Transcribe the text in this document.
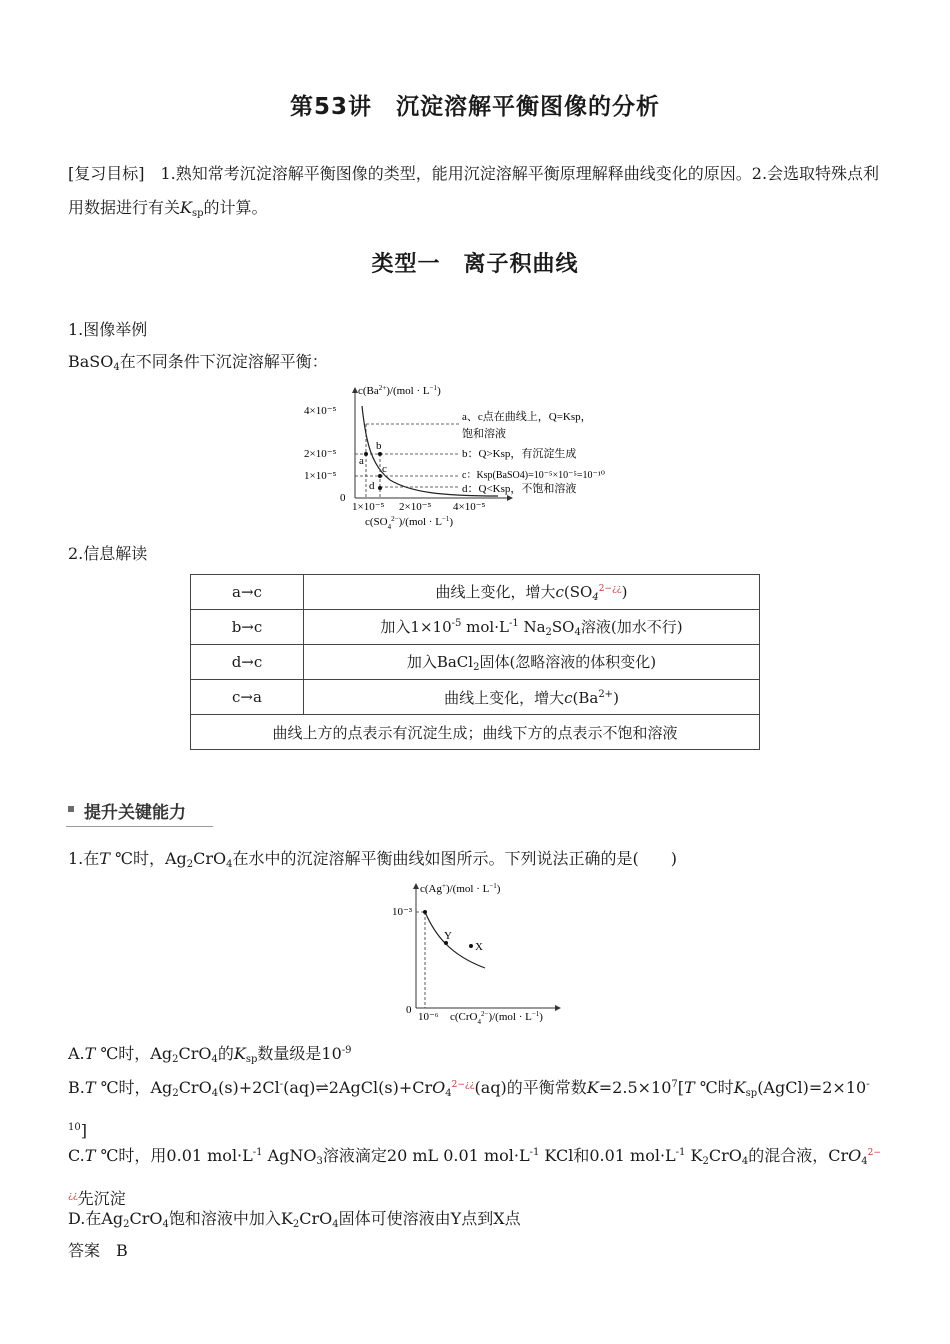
第53讲　沉淀溶解平衡图像的分析
[复习目标]　1.熟知常考沉淀溶解平衡图像的类型，能用沉淀溶解平衡原理解释曲线变化的原因。2.会选取特殊点利用数据进行有关$K_{sp}$的计算。
类型一　离子积曲线
1.图像举例
BaSO$_4$在不同条件下沉淀溶解平衡：
$c(Ba^{2+})/(mol \cdot L^{-1})$
$c(SO_4^{2-})/(mol \cdot L^{-1})$
4×10⁻⁵
2×10⁻⁵
1×10⁻⁵
0
1×10⁻⁵ 2×10⁻⁵ 4×10⁻⁵
a
b
c
d
a、c点在曲线上，Q=Ksp，
饱和溶液
b：Q>Ksp，有沉淀生成
c：Ksp(BaSO4)=10⁻⁵×10⁻⁵=10⁻¹⁰
d：Q<Ksp，不饱和溶液
2.信息解读
a→c	曲线上变化，增大$c(SO_4^{2-¿¿})$
b→c	加入$1\times 10^{-5}$ $mol\cdot L^{-1}$ $Na_2SO_4$溶液(加水不行)
d→c	加入BaCl$_2$固体(忽略溶液的体积变化)
c→a	曲线上变化，增大$c(Ba^{2+})$
曲线上方的点表示有沉淀生成；曲线下方的点表示不饱和溶液	
提升关键能力
1.在T ℃时，$Ag_2CrO_4$在水中的沉淀溶解平衡曲线如图所示。下列说法正确的是(　　)
$c(Ag^+)/(mol \cdot L^{-1})$
10⁻³
0
10⁻⁶ $c(CrO_4^{2-})/(mol \cdot L^{-1})$
Y
X
A.T ℃时，$Ag_2CrO_4$的$K_{sp}$数量级是$10^{-9}$
B.T ℃时，$Ag_2CrO_4(s)+2Cl^-(aq)\rightleftharpoons 2AgCl(s)+CrO_4^{2-¿¿}(aq)$的平衡常数$K=2.5\times 10^7[T$ ℃时$K_{sp}(AgCl)=2\times 10^{-10}$]
C.T ℃时，用0.01 $mol\cdot L^{-1}$ AgNO$_3$溶液滴定20 mL 0.01 $mol\cdot L^{-1}$ KCl和0.01 $mol\cdot L^{-1}$ $K_2CrO_4$的混合液，CrO$_4^{2-¿¿}$先沉淀
D.在$Ag_2CrO_4$饱和溶液中加入$K_2CrO_4$固体可使溶液由Y点到X点
答案　 B
